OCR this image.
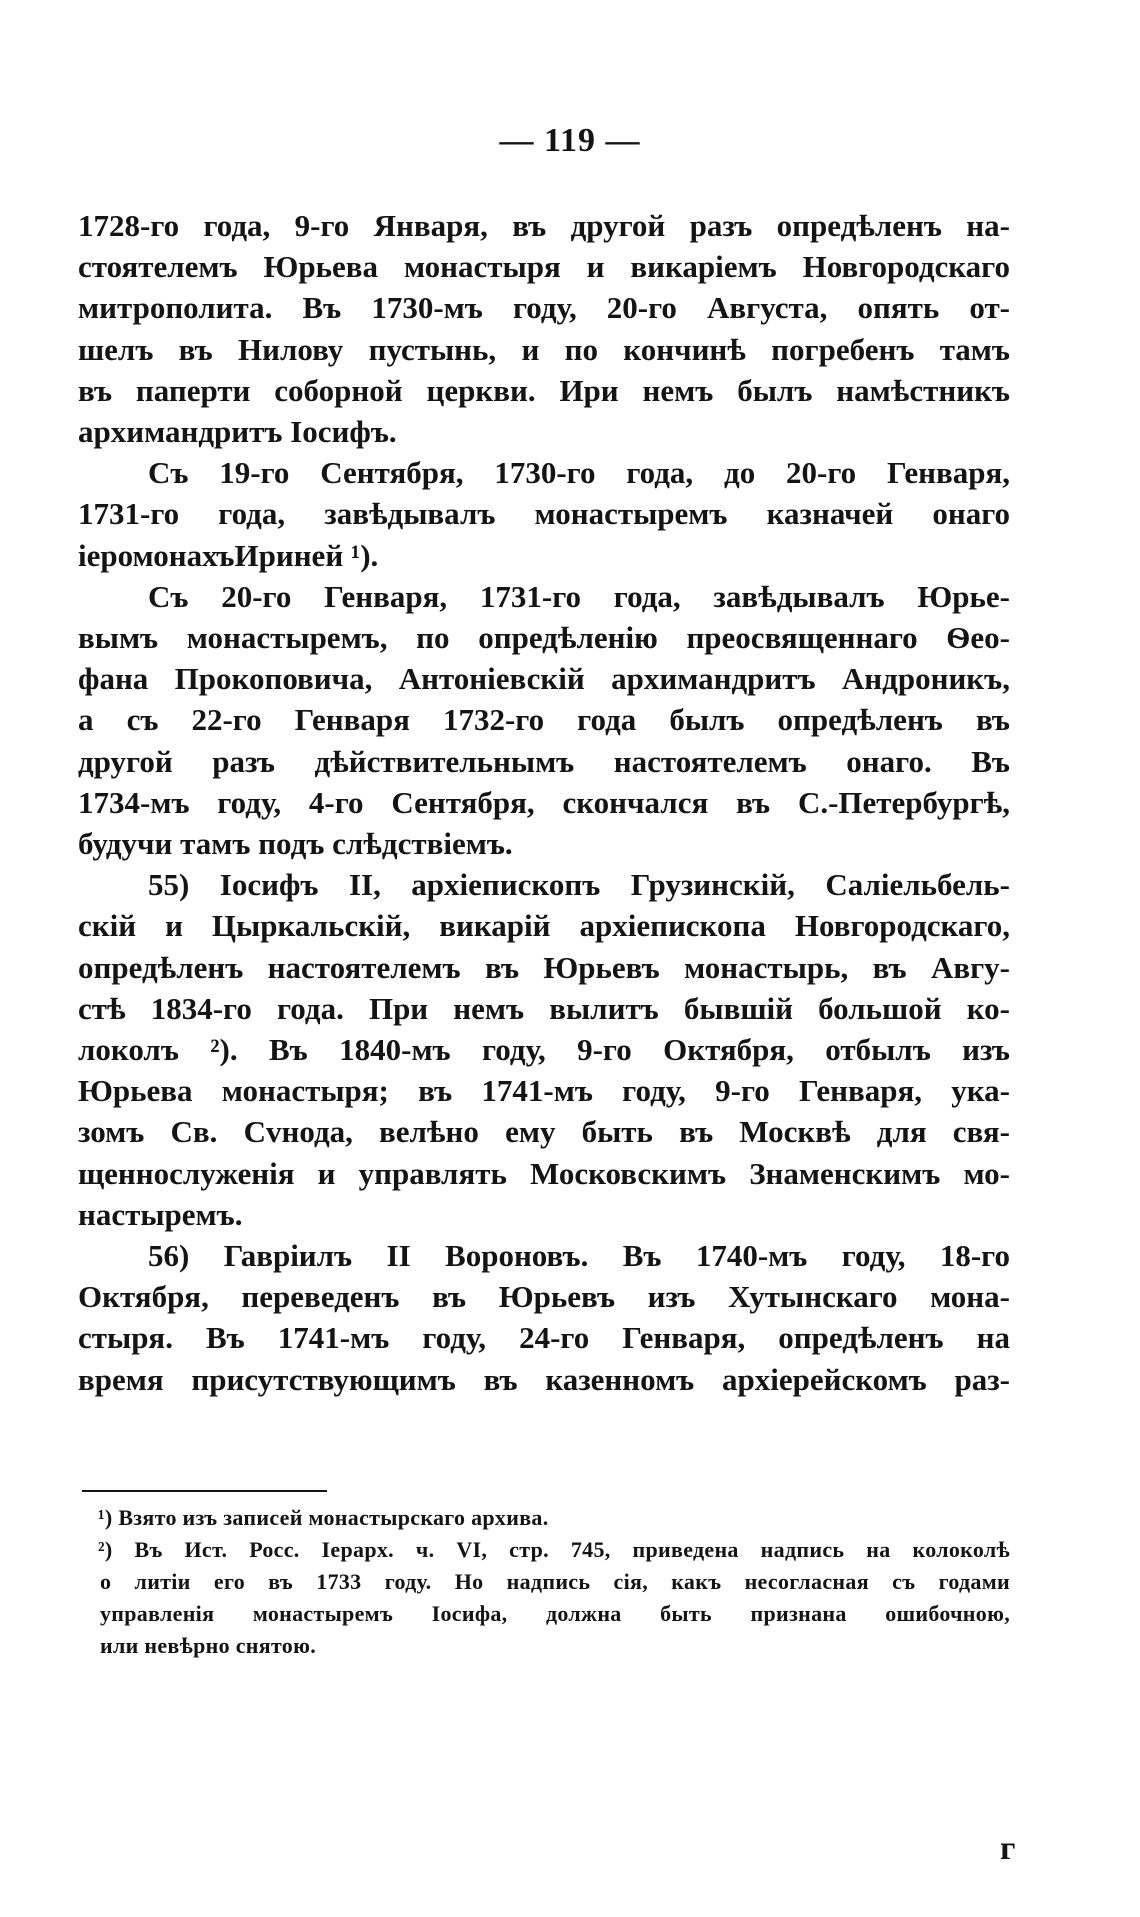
— 119 —
1728-го года, 9-го Января, въ другой разъ опредѣленъ на-
стоятелемъ Юрьева монастыря и викаріемъ Новгородскаго
митрополита. Въ 1730-мъ году, 20-го Августа, опять от-
шелъ въ Нилову пустынь, и по кончинѣ погребенъ тамъ
въ паперти соборной церкви. Ири немъ былъ намѣстникъ
архимандритъ Іосифъ.
Съ 19-го Сентября, 1730-го года, до 20-го Генваря,
1731-го года, завѣдывалъ монастыремъ казначей онаго
іеромонахъИриней ¹).
Съ 20-го Генваря, 1731-го года, завѣдывалъ Юрье-
вымъ монастыремъ, по опредѣленію преосвященнаго Ѳео-
фана Прокоповича, Антоніевскій архимандритъ Андроникъ,
а съ 22-го Генваря 1732-го года былъ опредѣленъ въ
другой разъ дѣйствительнымъ настоятелемъ онаго. Въ
1734-мъ году, 4-го Сентября, скончался въ С.-Петербургѣ,
будучи тамъ подъ слѣдствіемъ.
55) Іосифъ II, архіепископъ Грузинскій, Саліельбель-
скій и Цыркальскій, викарій архіепископа Новгородскаго,
опредѣленъ настоятелемъ въ Юрьевъ монастырь, въ Авгу-
стѣ 1834-го года. При немъ вылитъ бывшій большой ко-
локолъ ²). Въ 1840-мъ году, 9-го Октября, отбылъ изъ
Юрьева монастыря; въ 1741-мъ году, 9-го Генваря, ука-
зомъ Св. Сvнода, велѣно ему быть въ Москвѣ для свя-
щеннослуженія и управлять Московскимъ Знаменскимъ мо-
настыремъ.
56) Гавріилъ II Вороновъ. Въ 1740-мъ году, 18-го
Октября, переведенъ въ Юрьевъ изъ Хутынскаго мона-
стыря. Въ 1741-мъ году, 24-го Генваря, опредѣленъ на
время присутствующимъ въ казенномъ архіерейскомъ раз-
¹) Взято изъ записей монастырскаго архива.
²) Въ Ист. Росс. Іерарх. ч. VI, стр. 745, приведена надпись на колоколѣ
о литіи его въ 1733 году. Но надпись сія, какъ несогласная съ годами
управленія монастыремъ Іосифа, должна быть признана ошибочною,
или невѣрно снятою.
г
